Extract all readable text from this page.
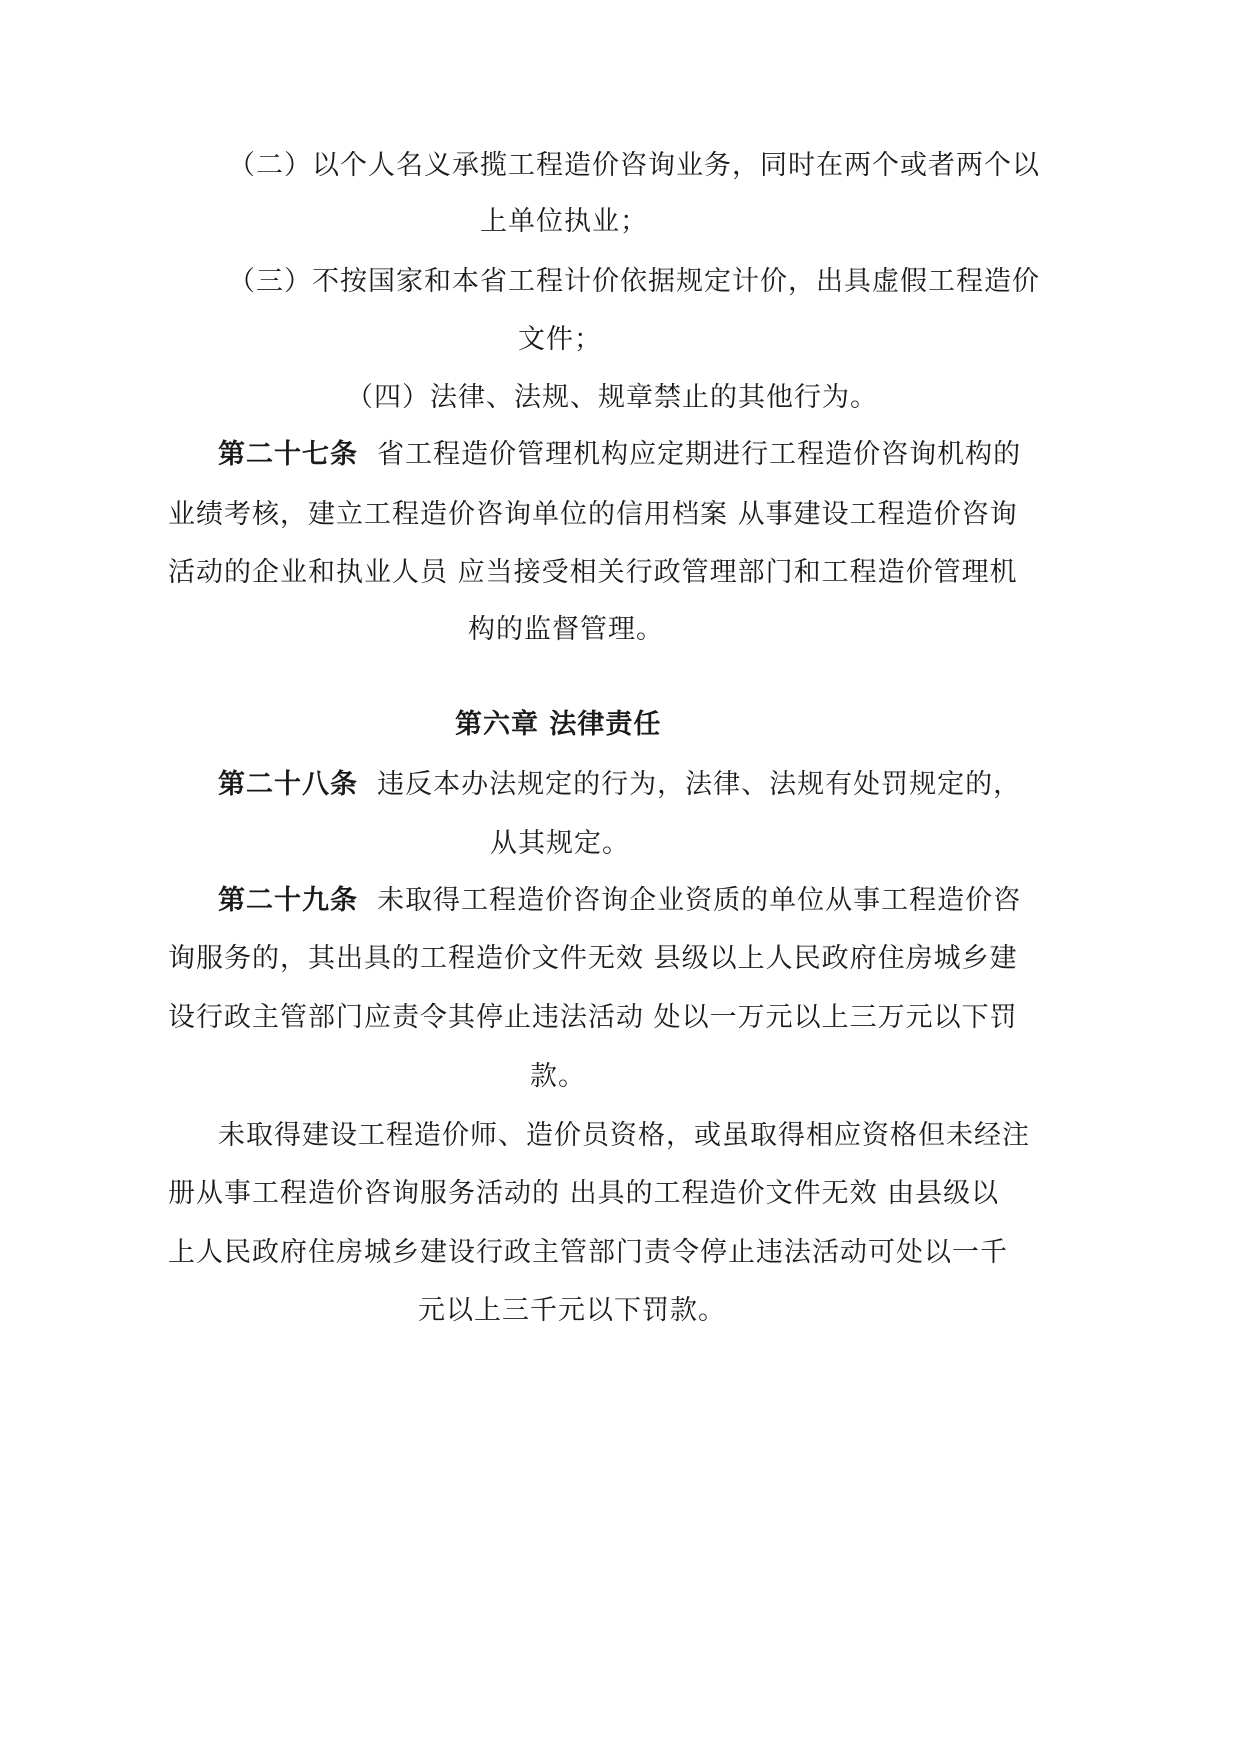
（二）以个人名义承揽工程造价咨询业务，同时在两个或者两个以
上单位执业；
（三）不按国家和本省工程计价依据规定计价，出具虚假工程造价
文件；
（四）法律、法规、规章禁止的其他行为。
第二十七条 省工程造价管理机构应定期进行工程造价咨询机构的
业绩考核，建立工程造价咨询单位的信用档案 从事建设工程造价咨询
活动的企业和执业人员 应当接受相关行政管理部门和工程造价管理机
构的监督管理。
第六章 法律责任
第二十八条 违反本办法规定的行为，法律、法规有处罚规定的，
从其规定。
第二十九条 未取得工程造价咨询企业资质的单位从事工程造价咨
询服务的，其出具的工程造价文件无效 县级以上人民政府住房城乡建
设行政主管部门应责令其停止违法活动 处以一万元以上三万元以下罚
款。
未取得建设工程造价师、造价员资格，或虽取得相应资格但未经注
册从事工程造价咨询服务活动的 出具的工程造价文件无效 由县级以
上人民政府住房城乡建设行政主管部门责令停止违法活动可处以一千
元以上三千元以下罚款。
